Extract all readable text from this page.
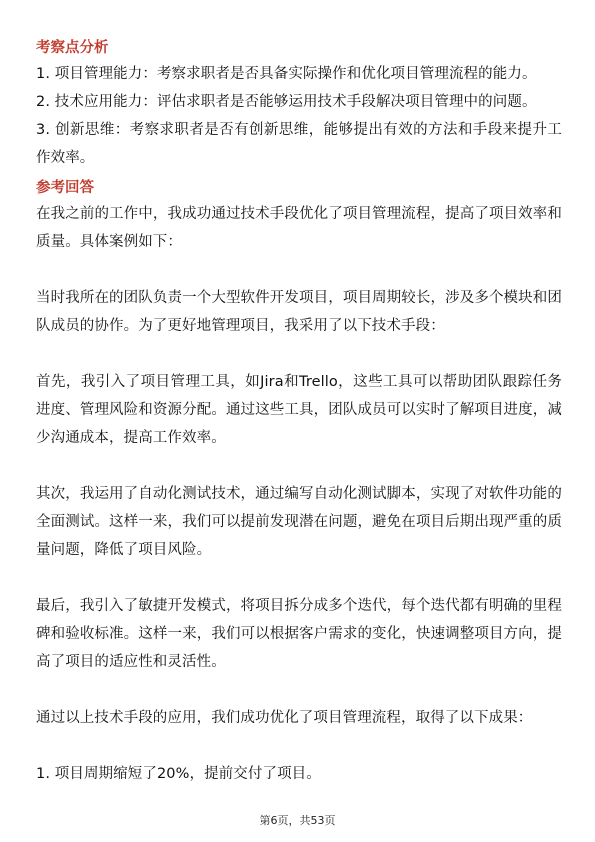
考察点分析

1. 项目管理能力：考察求职者是否具备实际操作和优化项目管理流程的能力。

2. 技术应用能力：评估求职者是否能够运用技术手段解决项目管理中的问题。

3. 创新思维：考察求职者是否有创新思维，能够提出有效的方法和手段来提升工作效率。

参考回答

在我之前的工作中，我成功通过技术手段优化了项目管理流程，提高了项目效率和质量。具体案例如下：

当时我所在的团队负责一个大型软件开发项目，项目周期较长，涉及多个模块和团队成员的协作。为了更好地管理项目，我采用了以下技术手段：

首先，我引入了项目管理工具，如Jira和Trello，这些工具可以帮助团队跟踪任务进度、管理风险和资源分配。通过这些工具，团队成员可以实时了解项目进度，减少沟通成本，提高工作效率。

其次，我运用了自动化测试技术，通过编写自动化测试脚本，实现了对软件功能的全面测试。这样一来，我们可以提前发现潜在问题，避免在项目后期出现严重的质量问题，降低了项目风险。

最后，我引入了敏捷开发模式，将项目拆分成多个迭代，每个迭代都有明确的里程碑和验收标准。这样一来，我们可以根据客户需求的变化，快速调整项目方向，提高了项目的适应性和灵活性。

通过以上技术手段的应用，我们成功优化了项目管理流程，取得了以下成果：

1. 项目周期缩短了20%，提前交付了项目。

第6页，共53页
